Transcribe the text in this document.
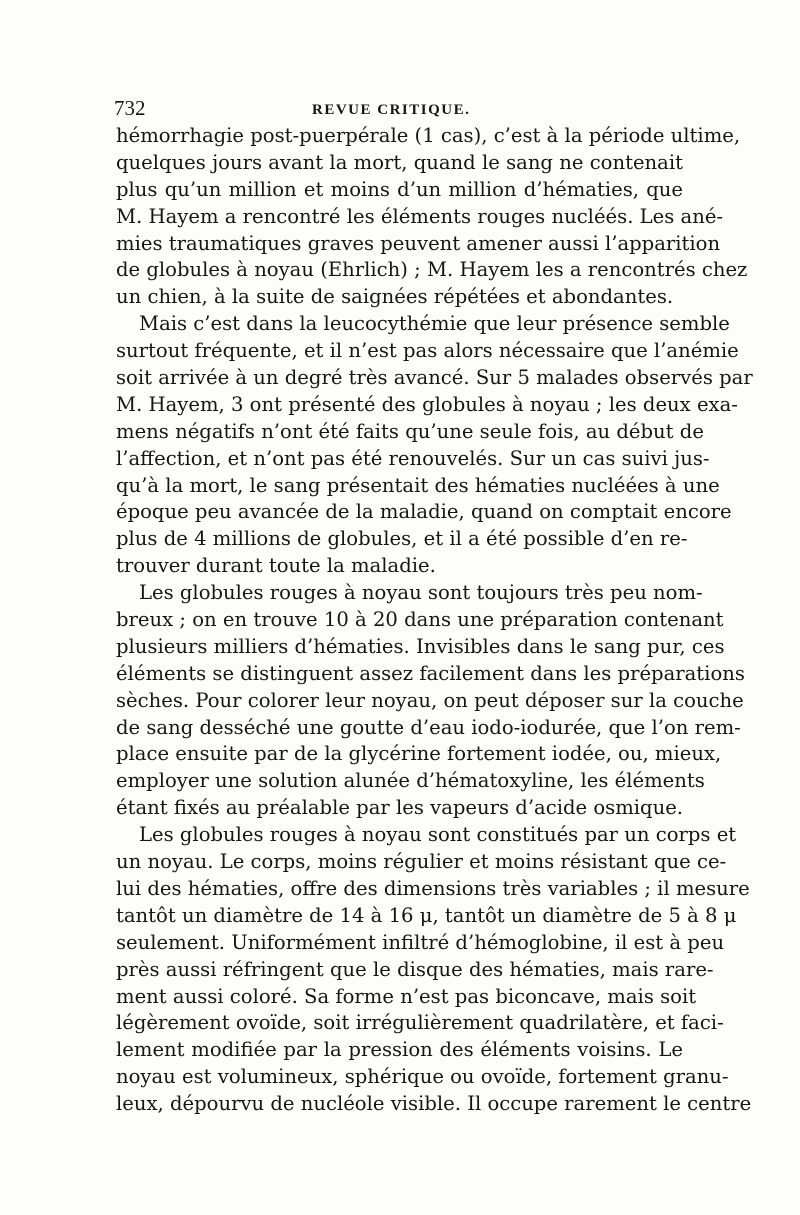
732	REVUE CRITIQUE.
hémorrhagie post-puerpérale (1 cas), c’est à la période ultime,
quelques jours avant la mort, quand le sang ne contenait
plus qu’un million et moins d’un million d’hématies, que
M. Hayem a rencontré les éléments rouges nucléés. Les ané-
mies traumatiques graves peuvent amener aussi l’apparition
de globules à noyau (Ehrlich) ; M. Hayem les a rencontrés chez
un chien, à la suite de saignées répétées et abondantes.
Mais c’est dans la leucocythémie que leur présence semble
surtout fréquente, et il n’est pas alors nécessaire que l’anémie
soit arrivée à un degré très avancé. Sur 5 malades observés par
M. Hayem, 3 ont présenté des globules à noyau ; les deux exa-
mens négatifs n’ont été faits qu’une seule fois, au début de
l’affection, et n’ont pas été renouvelés. Sur un cas suivi jus-
qu’à la mort, le sang présentait des hématies nucléées à une
époque peu avancée de la maladie, quand on comptait encore
plus de 4 millions de globules, et il a été possible d’en re-
trouver durant toute la maladie.
Les globules rouges à noyau sont toujours très peu nom-
breux ; on en trouve 10 à 20 dans une préparation contenant
plusieurs milliers d’hématies. Invisibles dans le sang pur, ces
éléments se distinguent assez facilement dans les préparations
sèches. Pour colorer leur noyau, on peut déposer sur la couche
de sang desséché une goutte d’eau iodo-iodurée, que l’on rem-
place ensuite par de la glycérine fortement iodée, ou, mieux,
employer une solution alunée d’hématoxyline, les éléments
étant fixés au préalable par les vapeurs d’acide osmique.
Les globules rouges à noyau sont constitués par un corps et
un noyau. Le corps, moins régulier et moins résistant que ce-
lui des hématies, offre des dimensions très variables ; il mesure
tantôt un diamètre de 14 à 16 μ, tantôt un diamètre de 5 à 8 μ
seulement. Uniformément infiltré d’hémoglobine, il est à peu
près aussi réfringent que le disque des hématies, mais rare-
ment aussi coloré. Sa forme n’est pas biconcave, mais soit
légèrement ovoïde, soit irrégulièrement quadrilatère, et faci-
lement modifiée par la pression des éléments voisins. Le
noyau est volumineux, sphérique ou ovoïde, fortement granu-
leux, dépourvu de nucléole visible. Il occupe rarement le centre
